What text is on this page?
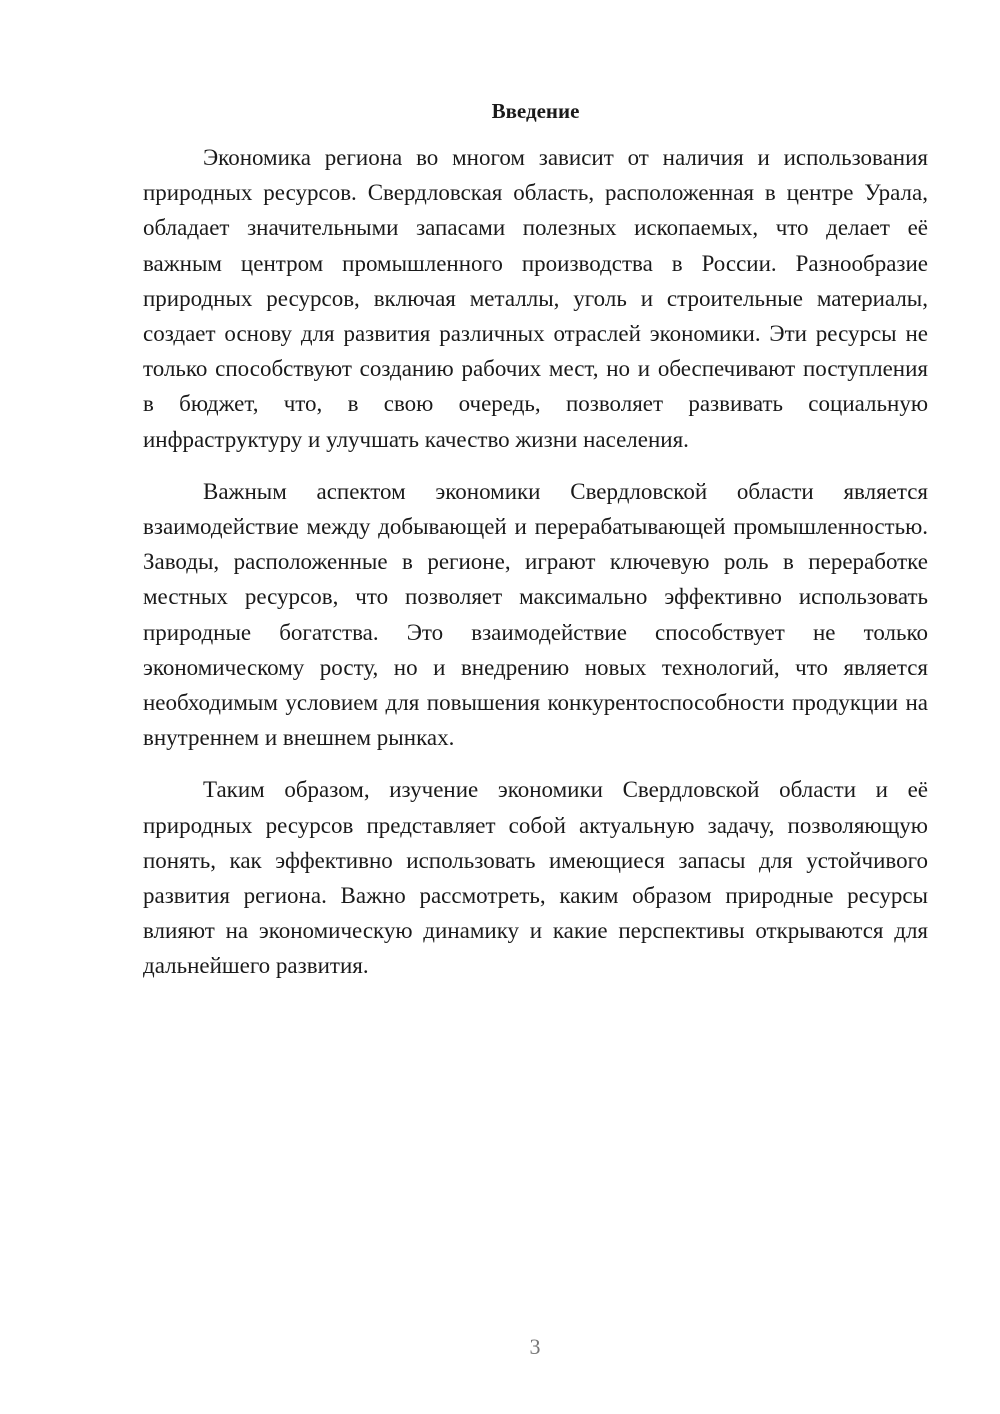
Введение

Экономика региона во многом зависит от наличия и использования природных ресурсов. Свердловская область, расположенная в центре Урала, обладает значительными запасами полезных ископаемых, что делает её важным центром промышленного производства в России. Разнообразие природных ресурсов, включая металлы, уголь и строительные материалы, создает основу для развития различных отраслей экономики. Эти ресурсы не только способствуют созданию рабочих мест, но и обеспечивают поступления в бюджет, что, в свою очередь, позволяет развивать социальную инфраструктуру и улучшать качество жизни населения.

Важным аспектом экономики Свердловской области является взаимодействие между добывающей и перерабатывающей промышленностью. Заводы, расположенные в регионе, играют ключевую роль в переработке местных ресурсов, что позволяет максимально эффективно использовать природные богатства. Это взаимодействие способствует не только экономическому росту, но и внедрению новых технологий, что является необходимым условием для повышения конкурентоспособности продукции на внутреннем и внешнем рынках.

Таким образом, изучение экономики Свердловской области и её природных ресурсов представляет собой актуальную задачу, позволяющую понять, как эффективно использовать имеющиеся запасы для устойчивого развития региона. Важно рассмотреть, каким образом природные ресурсы влияют на экономическую динамику и какие перспективы открываются для дальнейшего развития.

3
